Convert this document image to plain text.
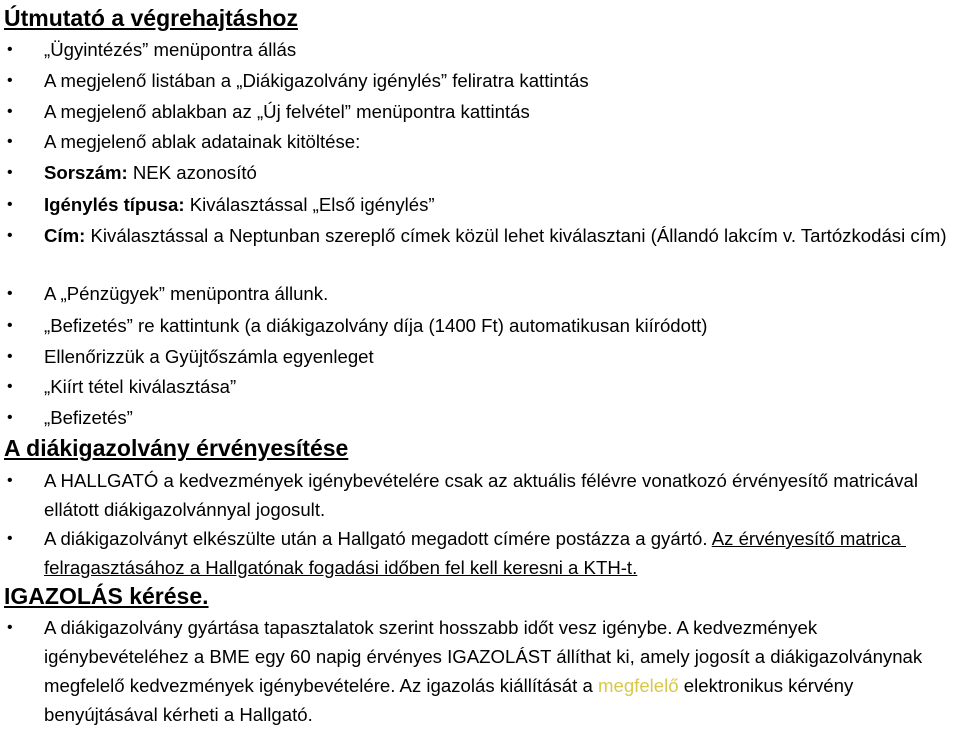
Útmutató a végrehajtáshoz
• „Ügyintézés” menüpontra állás
• A megjelenő listában a „Diákigazolvány igénylés” feliratra kattintás
• A megjelenő ablakban az „Új felvétel” menüpontra kattintás
• A megjelenő ablak adatainak kitöltése:
• Sorszám: NEK azonosító
• Igénylés típusa: Kiválasztással „Első igénylés”
• Cím: Kiválasztással a Neptunban szereplő címek közül lehet kiválasztani (Állandó lakcím v. Tartózkodási cím)
• A „Pénzügyek” menüpontra állunk.
• „Befizetés” re kattintunk (a diákigazolvány díja (1400 Ft) automatikusan kiíródott)
• Ellenőrizzük a Gyüjtőszámla egyenleget
• „Kiírt tétel kiválasztása”
• „Befizetés”
A diákigazolvány érvényesítése
• A HALLGATÓ a kedvezmények igénybevételére csak az aktuális félévre vonatkozó érvényesítő matricával ellátott diákigazolvánnyal jogosult.
• A diákigazolványt elkészülte után a Hallgató megadott címére postázza a gyártó. Az érvényesítő matrica felragasztásához a Hallgatónak fogadási időben fel kell keresni a KTH-t.
IGAZOLÁS kérése.
• A diákigazolvány gyártása tapasztalatok szerint hosszabb időt vesz igénybe. A kedvezmények igénybevételéhez a BME egy 60 napig érvényes IGAZOLÁST állíthat ki, amely jogosít a diákigazolványnak megfelelő kedvezmények igénybevételére. Az igazolás kiállítását a megfelelő elektronikus kérvény benyújtásával kérheti a Hallgató.
